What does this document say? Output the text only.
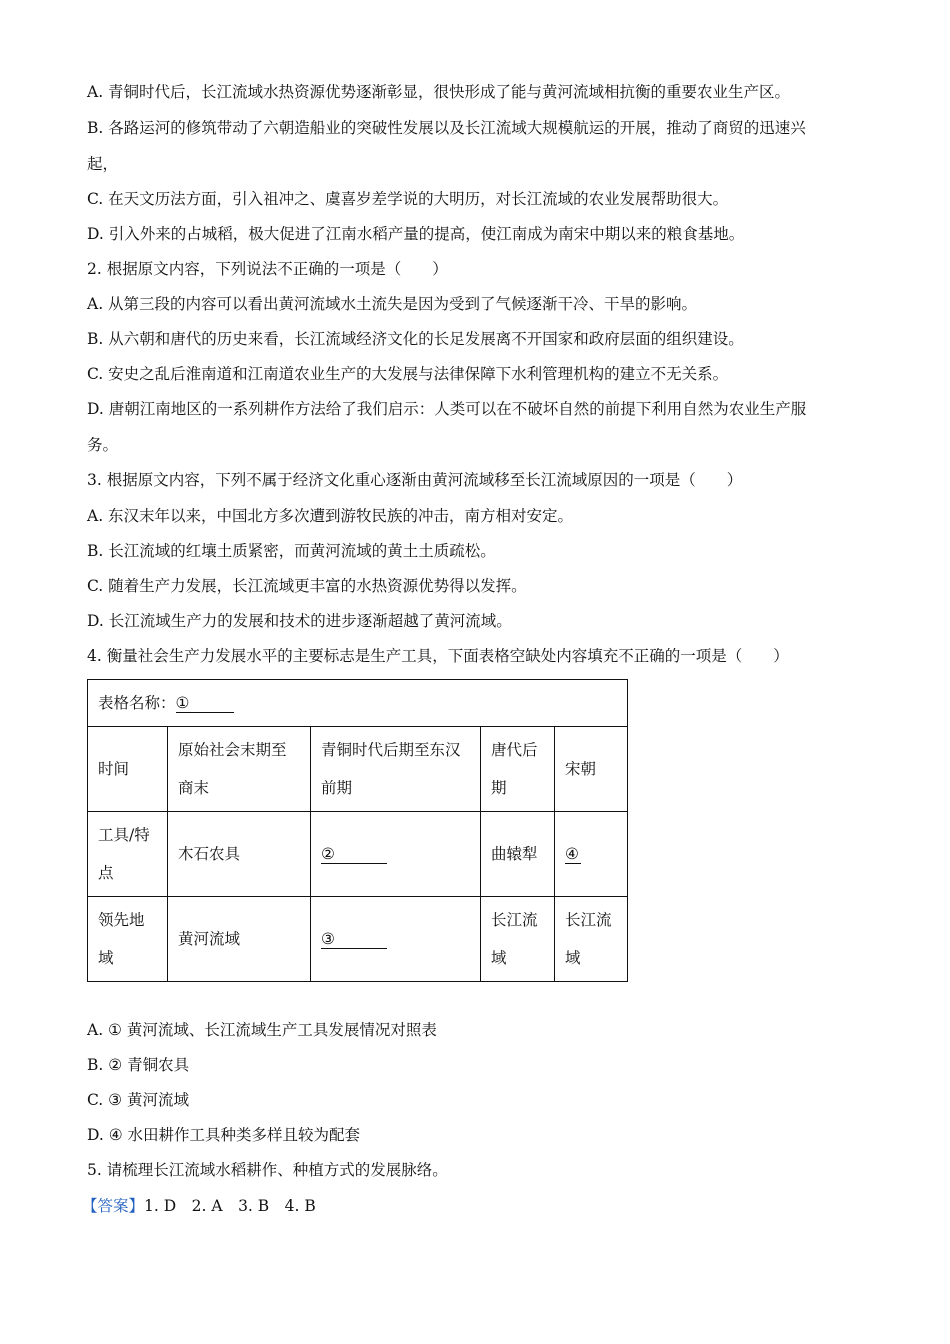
A. 青铜时代后，长江流域水热资源优势逐渐彰显，很快形成了能与黄河流域相抗衡的重要农业生产区。
B. 各路运河的修筑带动了六朝造船业的突破性发展以及长江流域大规模航运的开展，推动了商贸的迅速兴
起，
C. 在天文历法方面，引入祖冲之、虞喜岁差学说的大明历，对长江流域的农业发展帮助很大。
D. 引入外来的占城稻，极大促进了江南水稻产量的提高，使江南成为南宋中期以来的粮食基地。
2. 根据原文内容，下列说法不正确的一项是（　　）
A. 从第三段的内容可以看出黄河流域水土流失是因为受到了气候逐渐干冷、干旱的影响。
B. 从六朝和唐代的历史来看，长江流域经济文化的长足发展离不开国家和政府层面的组织建设。
C. 安史之乱后淮南道和江南道农业生产的大发展与法律保障下水利管理机构的建立不无关系。
D. 唐朝江南地区的一系列耕作方法给了我们启示：人类可以在不破坏自然的前提下利用自然为农业生产服
务。
3. 根据原文内容，下列不属于经济文化重心逐渐由黄河流域移至长江流域原因的一项是（　　）
A. 东汉末年以来，中国北方多次遭到游牧民族的冲击，南方相对安定。
B. 长江流域的红壤土质紧密，而黄河流域的黄土土质疏松。
C. 随着生产力发展，长江流域更丰富的水热资源优势得以发挥。
D. 长江流域生产力的发展和技术的进步逐渐超越了黄河流域。
4. 衡量社会生产力发展水平的主要标志是生产工具，下面表格空缺处内容填充不正确的一项是（　　）
表格名称：①				
时间	原始社会末期至商末	青铜时代后期至东汉前期	唐代后期	宋朝
工具/特点	木石农具	②	曲辕犁	④
领先地域	黄河流域	③	长江流域	长江流域
A. ① 黄河流域、长江流域生产工具发展情况对照表
B. ② 青铜农具
C. ③ 黄河流域
D. ④ 水田耕作工具种类多样且较为配套
5. 请梳理长江流域水稻耕作、种植方式的发展脉络。
【答案】1. D　2. A　3. B　4. B
